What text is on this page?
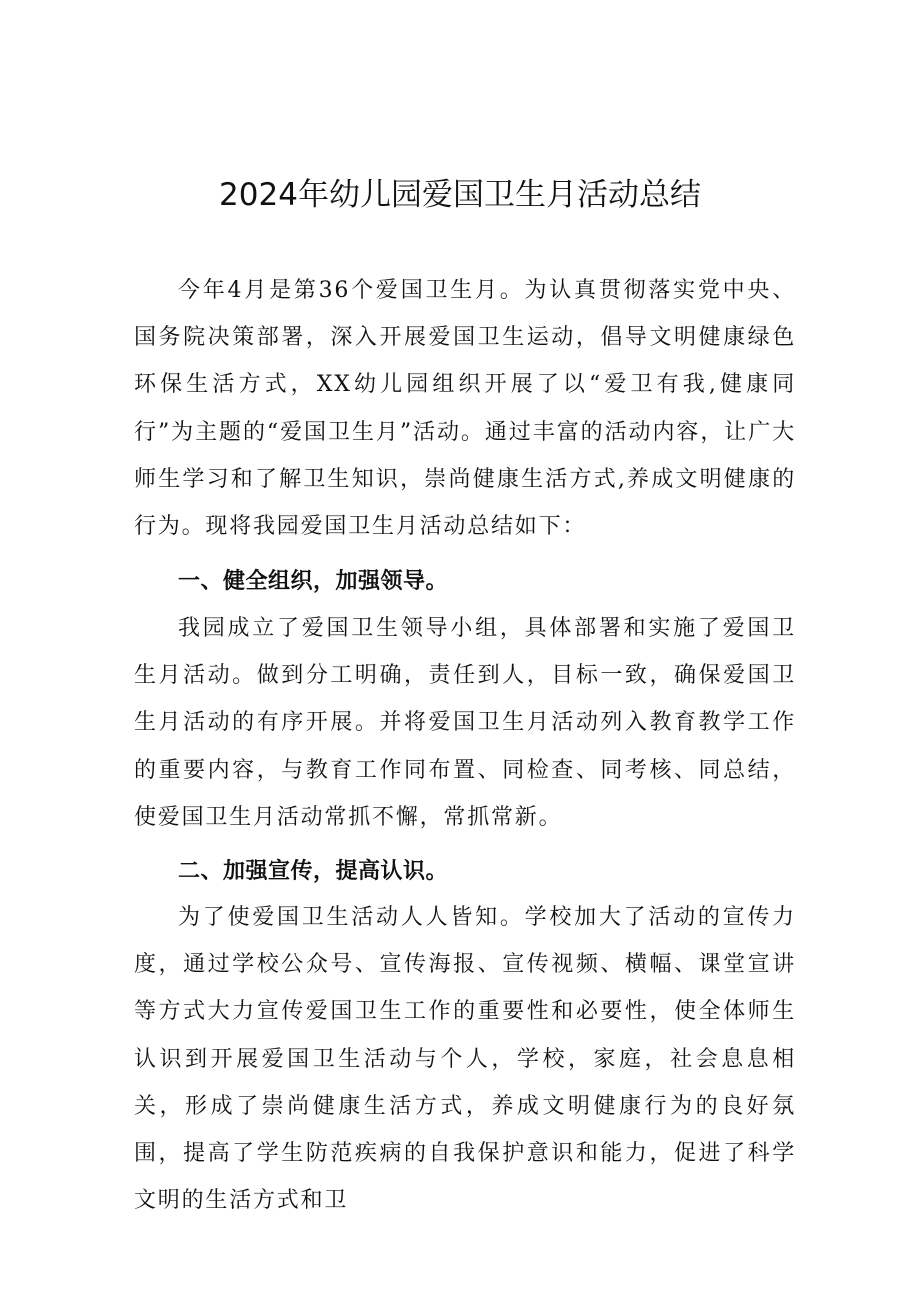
2024年幼儿园爱国卫生月活动总结

今年4月是第36个爱国卫生月。为认真贯彻落实党中央、国务院决策部署，深入开展爱国卫生运动，倡导文明健康绿色环保生活方式，XX幼儿园组织开展了以“爱卫有我,健康同行”为主题的“爱国卫生月”活动。通过丰富的活动内容，让广大师生学习和了解卫生知识，崇尚健康生活方式,养成文明健康的行为。现将我园爱国卫生月活动总结如下：

一、健全组织，加强领导。

我园成立了爱国卫生领导小组，具体部署和实施了爱国卫生月活动。做到分工明确，责任到人，目标一致，确保爱国卫生月活动的有序开展。并将爱国卫生月活动列入教育教学工作的重要内容，与教育工作同布置、同检查、同考核、同总结，使爱国卫生月活动常抓不懈，常抓常新。

二、加强宣传，提高认识。

为了使爱国卫生活动人人皆知。学校加大了活动的宣传力度，通过学校公众号、宣传海报、宣传视频、横幅、课堂宣讲等方式大力宣传爱国卫生工作的重要性和必要性，使全体师生认识到开展爱国卫生活动与个人，学校，家庭，社会息息相关，形成了崇尚健康生活方式，养成文明健康行为的良好氛围，提高了学生防范疾病的自我保护意识和能力，促进了科学文明的生活方式和卫
